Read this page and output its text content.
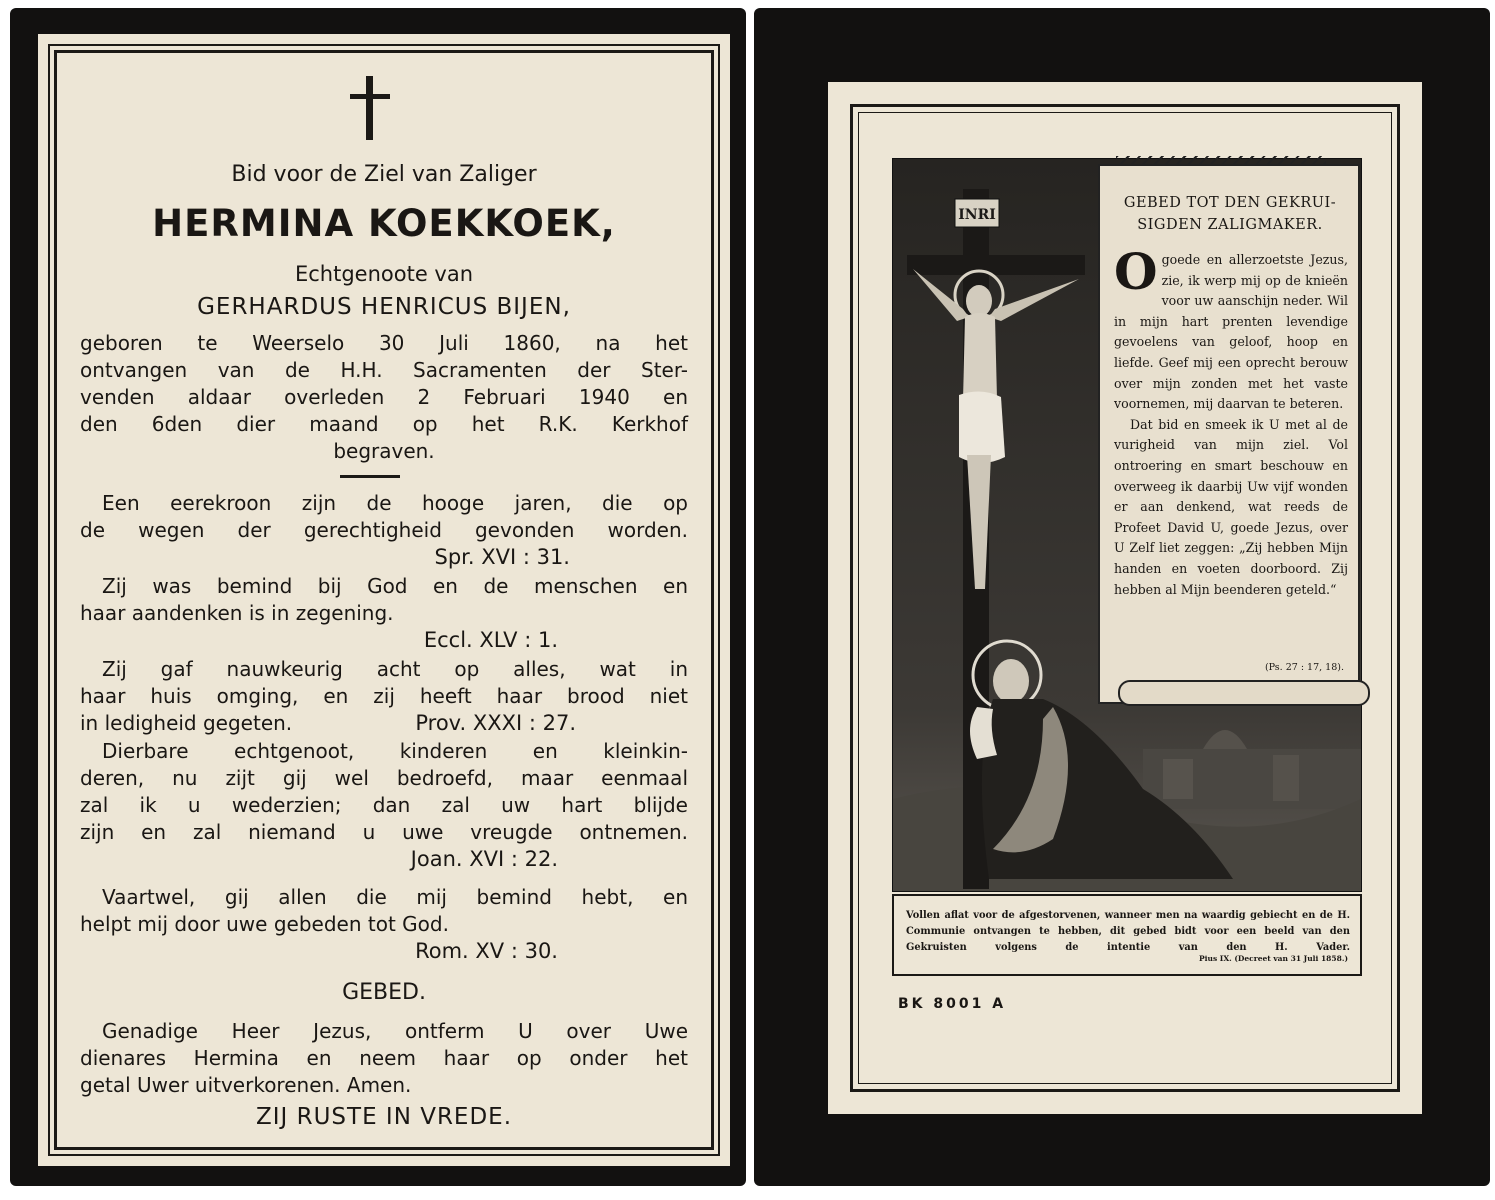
Bid voor de Ziel van Zaliger
HERMINA KOEKKOEK,
Echtgenoote van
GERHARDUS HENRICUS BIJEN,
geboren te Weerselo 30 Juli 1860, na het
ontvangen van de H.H. Sacramenten der Ster-
venden aldaar overleden 2 Februari 1940 en
den 6den dier maand op het R.K. Kerkhof
begraven.
Een eerekroon zijn de hooge jaren, die op
de wegen der gerechtigheid gevonden worden.
Spr. XVI : 31.
Zij was bemind bij God en de menschen en
haar aandenken is in zegening.
Eccl. XLV : 1.
Zij gaf nauwkeurig acht op alles, wat in
haar huis omging, en zij heeft haar brood niet
in ledigheid gegeten.	Prov. XXXI : 27.
Dierbare echtgenoot, kinderen en kleinkin-
deren, nu zijt gij wel bedroefd, maar eenmaal
zal ik u wederzien; dan zal uw hart blijde
zijn en zal niemand u uwe vreugde ontnemen.
Joan. XVI : 22.
Vaartwel, gij allen die mij bemind hebt, en
helpt mij door uwe gebeden tot God.
Rom. XV : 30.
GEBED.
Genadige Heer Jezus, ontferm U over Uwe
dienares Hermina en neem haar op onder het
getal Uwer uitverkorenen. Amen.
ZIJ RUSTE IN VREDE.
INRI
GEBED TOT DEN GEKRUI-
SIGDEN ZALIGMAKER.
O goede en allerzoetste Jezus, zie, ik werp mij op de knieën voor uw aanschijn neder. Wil in mijn hart prenten levendige gevoelens van geloof, hoop en liefde. Geef mij een oprecht berouw over mijn zonden met het vaste voornemen, mij daarvan te beteren.

Dat bid en smeek ik U met al de vurigheid van mijn ziel. Vol ontroering en smart beschouw en overweeg ik daarbij Uw vijf wonden er aan denkend, wat reeds de Profeet David U, goede Jezus, over U Zelf liet zeggen: „Zij hebben Mijn handen en voeten doorboord. Zij hebben al Mijn beenderen geteld.“

(Ps. 27 : 17, 18).
Vollen aflat voor de afgestorvenen, wanneer men na waardig gebiecht en de H. Communie ontvangen te hebben, dit gebed bidt voor een beeld van den Gekruisten volgens de intentie van den H. Vader.
Pius IX. (Decreet van 31 Juli 1858.)
BK 8001 A
